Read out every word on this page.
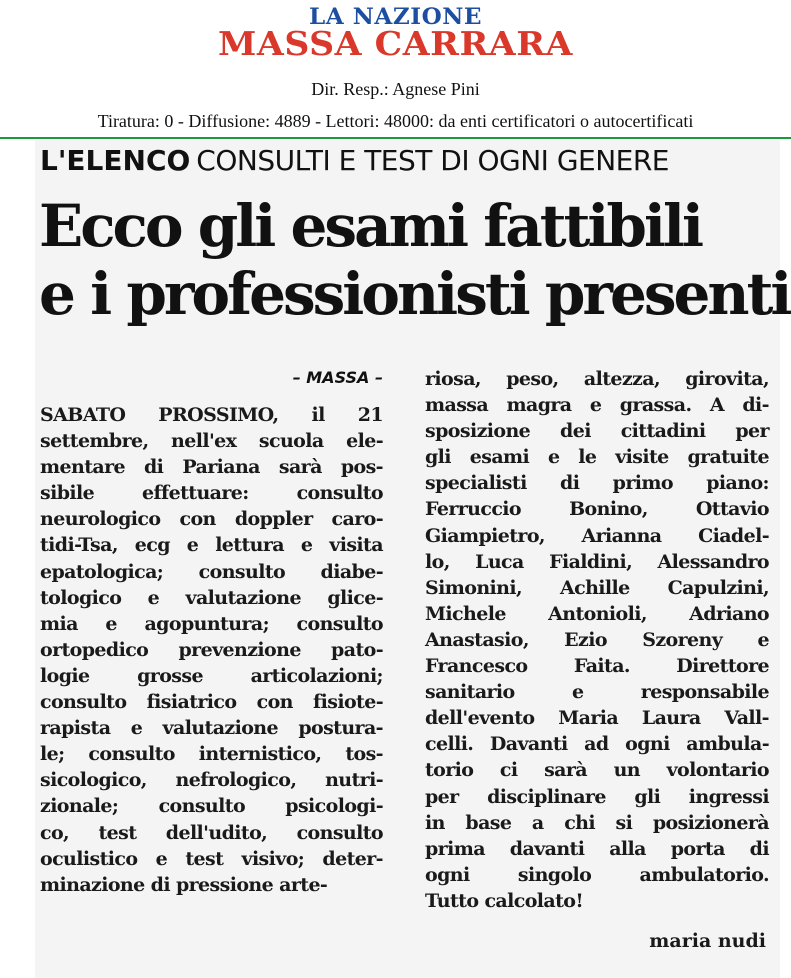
LA NAZIONE
MASSA CARRARA
Dir. Resp.: Agnese Pini
Tiratura: 0 - Diffusione: 4889 - Lettori: 48000: da enti certificatori o autocertificati
L'ELENCO CONSULTI E TEST DI OGNI GENERE
Ecco gli esami fattibili
e i professionisti presenti
– MASSA –
SABATO PROSSIMO, il 21
settembre, nell'ex scuola ele-
mentare di Pariana sarà pos-
sibile	effettuare:	consulto
neurologico con doppler caro-
tidi-Tsa, ecg e lettura e visita
epatologica; consulto diabe-
tologico e valutazione glice-
mia e agopuntura; consulto
ortopedico prevenzione pato-
logie	grosse	articolazioni;
consulto fisiatrico con fisiote-
rapista e valutazione postura-
le; consulto internistico, tos-
sicologico, nefrologico, nutri-
zionale; consulto psicologi-
co, test dell'udito, consulto
oculistico e test visivo; deter-
minazione di pressione arte-
riosa, peso, altezza, girovita,
massa magra e grassa. A di-
sposizione dei cittadini per
gli esami e le visite gratuite
specialisti di primo piano:
Ferruccio	Bonino,	Ottavio
Giampietro, Arianna Ciadel-
lo, Luca Fialdini, Alessandro
Simonini, Achille Capulzini,
Michele Antonioli, Adriano
Anastasio, Ezio Szoreny e
Francesco Faita. Direttore
sanitario	e	responsabile
dell'evento Maria Laura Vall-
celli. Davanti ad ogni ambula-
torio ci sarà un volontario
per disciplinare gli ingressi
in base a chi si posizionerà
prima davanti alla porta di
ogni	singolo	ambulatorio.
Tutto calcolato!
maria nudi
